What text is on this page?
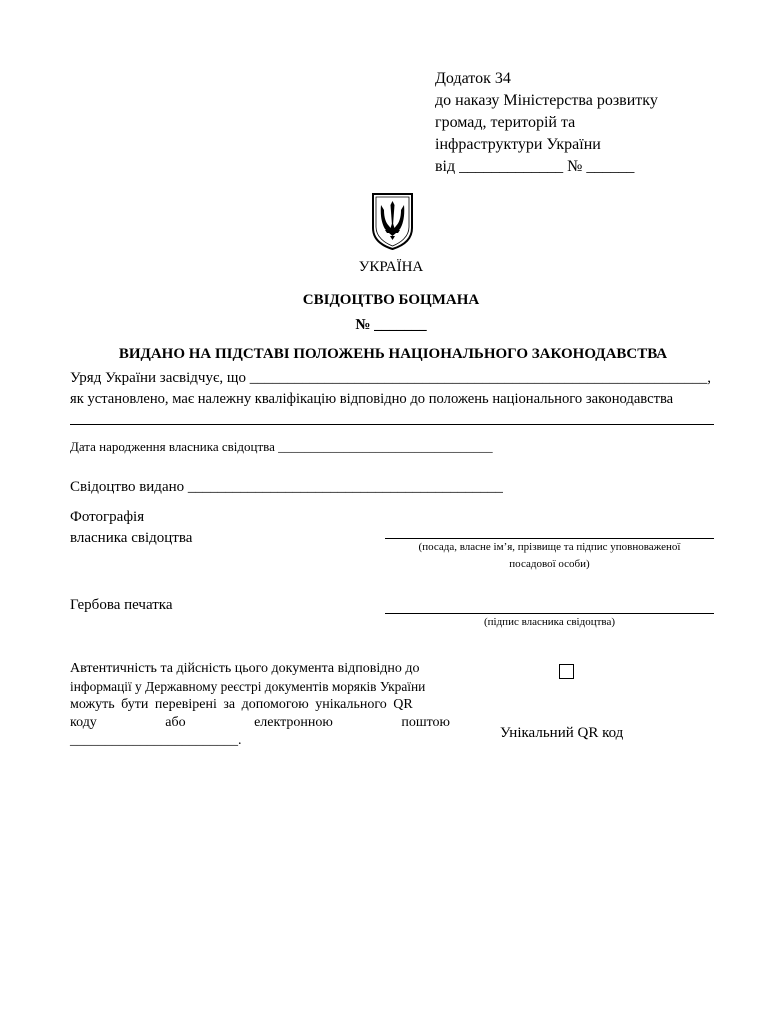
Додаток 34
до наказу Міністерства розвитку
громад, територій та
інфраструктури України
від _____________ № ______
УКРАЇНА
СВІДОЦТВО БОЦМАНА
№ _______
ВИДАНО НА ПІДСТАВІ ПОЛОЖЕНЬ НАЦІОНАЛЬНОГО ЗАКОНОДАВСТВА
Уряд України засвідчує, що _____________________________________________________________,
як установлено, має належну кваліфікацію відповідно до положень національного законодавства
Дата народження власника свідоцтва _________________________________
Свідоцтво видано __________________________________________
Фотографія
власника свідоцтва
(посада, власне ім’я, прізвище та підпис уповноваженої
посадової особи)
Гербова печатка
(підпис власника свідоцтва)
Автентичність та дійсність цього документа відповідно до
інформації у Державному реєстрі документів моряків України
можуть бути перевірені за допомогою унікального QR
коду	або	електронною	поштою
________________________.	Унікальний QR код
